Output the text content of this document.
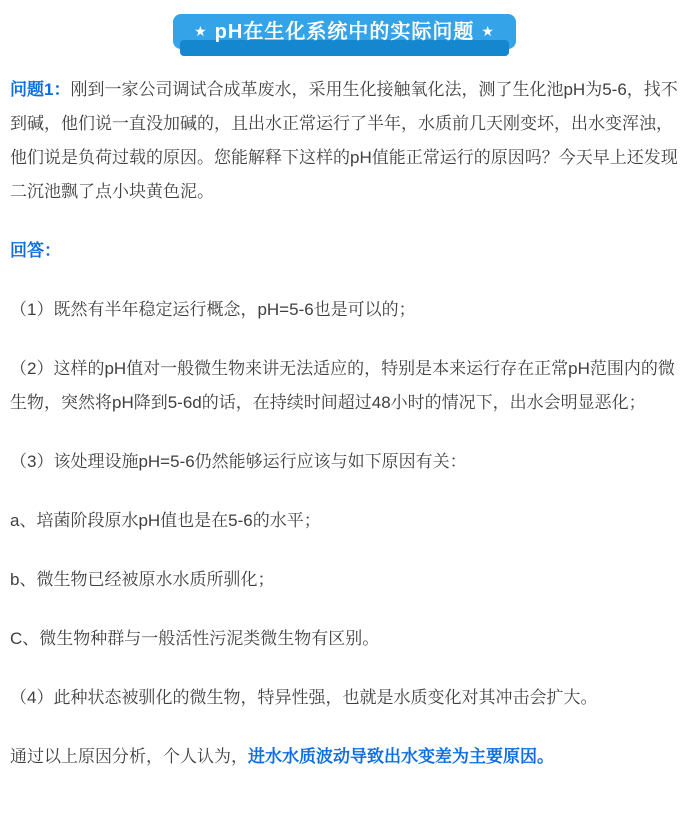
★ pH在生化系统中的实际问题 ★

问题1：刚到一家公司调试合成革废水，采用生化接触氧化法，测了生化池pH为5-6，找不到碱，他们说一直没加碱的，且出水正常运行了半年，水质前几天刚变坏，出水变浑浊，他们说是负荷过载的原因。您能解释下这样的pH值能正常运行的原因吗？今天早上还发现二沉池飘了点小块黄色泥。

回答：

（1）既然有半年稳定运行概念，pH=5-6也是可以的；

（2）这样的pH值对一般微生物来讲无法适应的，特别是本来运行存在正常pH范围内的微生物，突然将pH降到5-6d的话，在持续时间超过48小时的情况下，出水会明显恶化；

（3）该处理设施pH=5-6仍然能够运行应该与如下原因有关：

a、培菌阶段原水pH值也是在5-6的水平；

b、微生物已经被原水水质所驯化；

C、微生物种群与一般活性污泥类微生物有区别。

（4）此种状态被驯化的微生物，特异性强，也就是水质变化对其冲击会扩大。

通过以上原因分析，个人认为，进水水质波动导致出水变差为主要原因。
